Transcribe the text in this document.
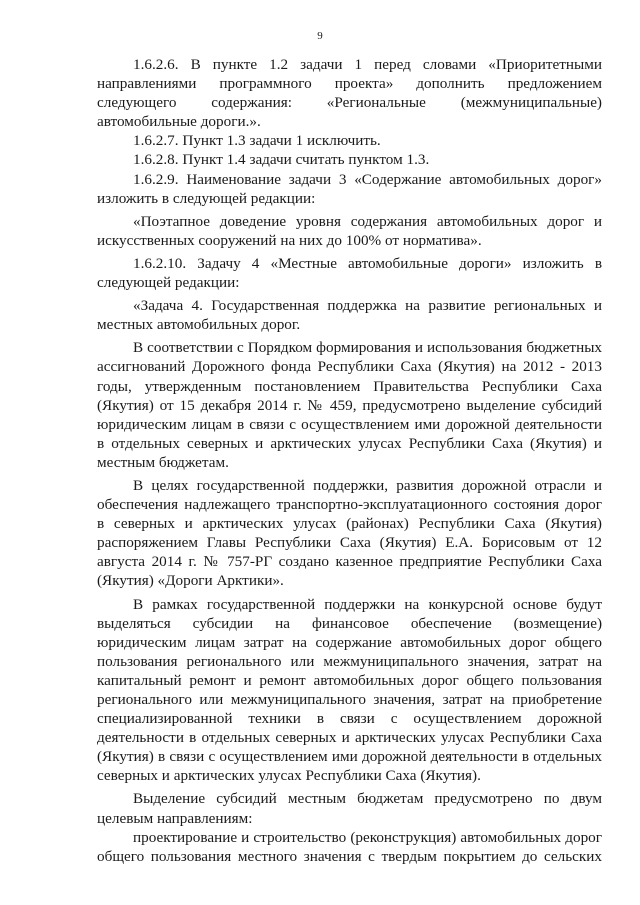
9

1.6.2.6. В пункте 1.2 задачи 1 перед словами «Приоритетными направлениями программного проекта» дополнить предложением следующего содержания: «Региональные (межмуниципальные) автомобильные дороги.».

1.6.2.7. Пункт 1.3 задачи 1 исключить.

1.6.2.8. Пункт 1.4 задачи считать пунктом 1.3.

1.6.2.9. Наименование задачи 3 «Содержание автомобильных дорог» изложить в следующей редакции:

«Поэтапное доведение уровня содержания автомобильных дорог и искусственных сооружений на них до 100% от норматива».

1.6.2.10. Задачу 4 «Местные автомобильные дороги» изложить в следующей редакции:

«Задача 4. Государственная поддержка на развитие региональных и местных автомобильных дорог.

В соответствии с Порядком формирования и использования бюджетных ассигнований Дорожного фонда Республики Саха (Якутия) на 2012 - 2013 годы, утвержденным постановлением Правительства Республики Саха (Якутия) от 15 декабря 2014 г. № 459, предусмотрено выделение субсидий юридическим лицам в связи с осуществлением ими дорожной деятельности в отдельных северных и арктических улусах Республики Саха (Якутия) и местным бюджетам.

В целях государственной поддержки, развития дорожной отрасли и обеспечения надлежащего транспортно-эксплуатационного состояния дорог в северных и арктических улусах (районах) Республики Саха (Якутия) распоряжением Главы Республики Саха (Якутия) Е.А. Борисовым от 12 августа 2014 г. № 757-РГ создано казенное предприятие Республики Саха (Якутия) «Дороги Арктики».

В рамках государственной поддержки на конкурсной основе будут выделяться субсидии на финансовое обеспечение (возмещение) юридическим лицам затрат на содержание автомобильных дорог общего пользования регионального или межмуниципального значения, затрат на капитальный ремонт и ремонт автомобильных дорог общего пользования регионального или межмуниципального значения, затрат на приобретение специализированной техники в связи с осуществлением дорожной деятельности в отдельных северных и арктических улусах Республики Саха (Якутия) в связи с осуществлением ими дорожной деятельности в отдельных северных и арктических улусах Республики Саха (Якутия).

Выделение субсидий местным бюджетам предусмотрено по двум целевым направлениям:

проектирование и строительство (реконструкция) автомобильных дорог общего пользования местного значения с твердым покрытием до сельских
